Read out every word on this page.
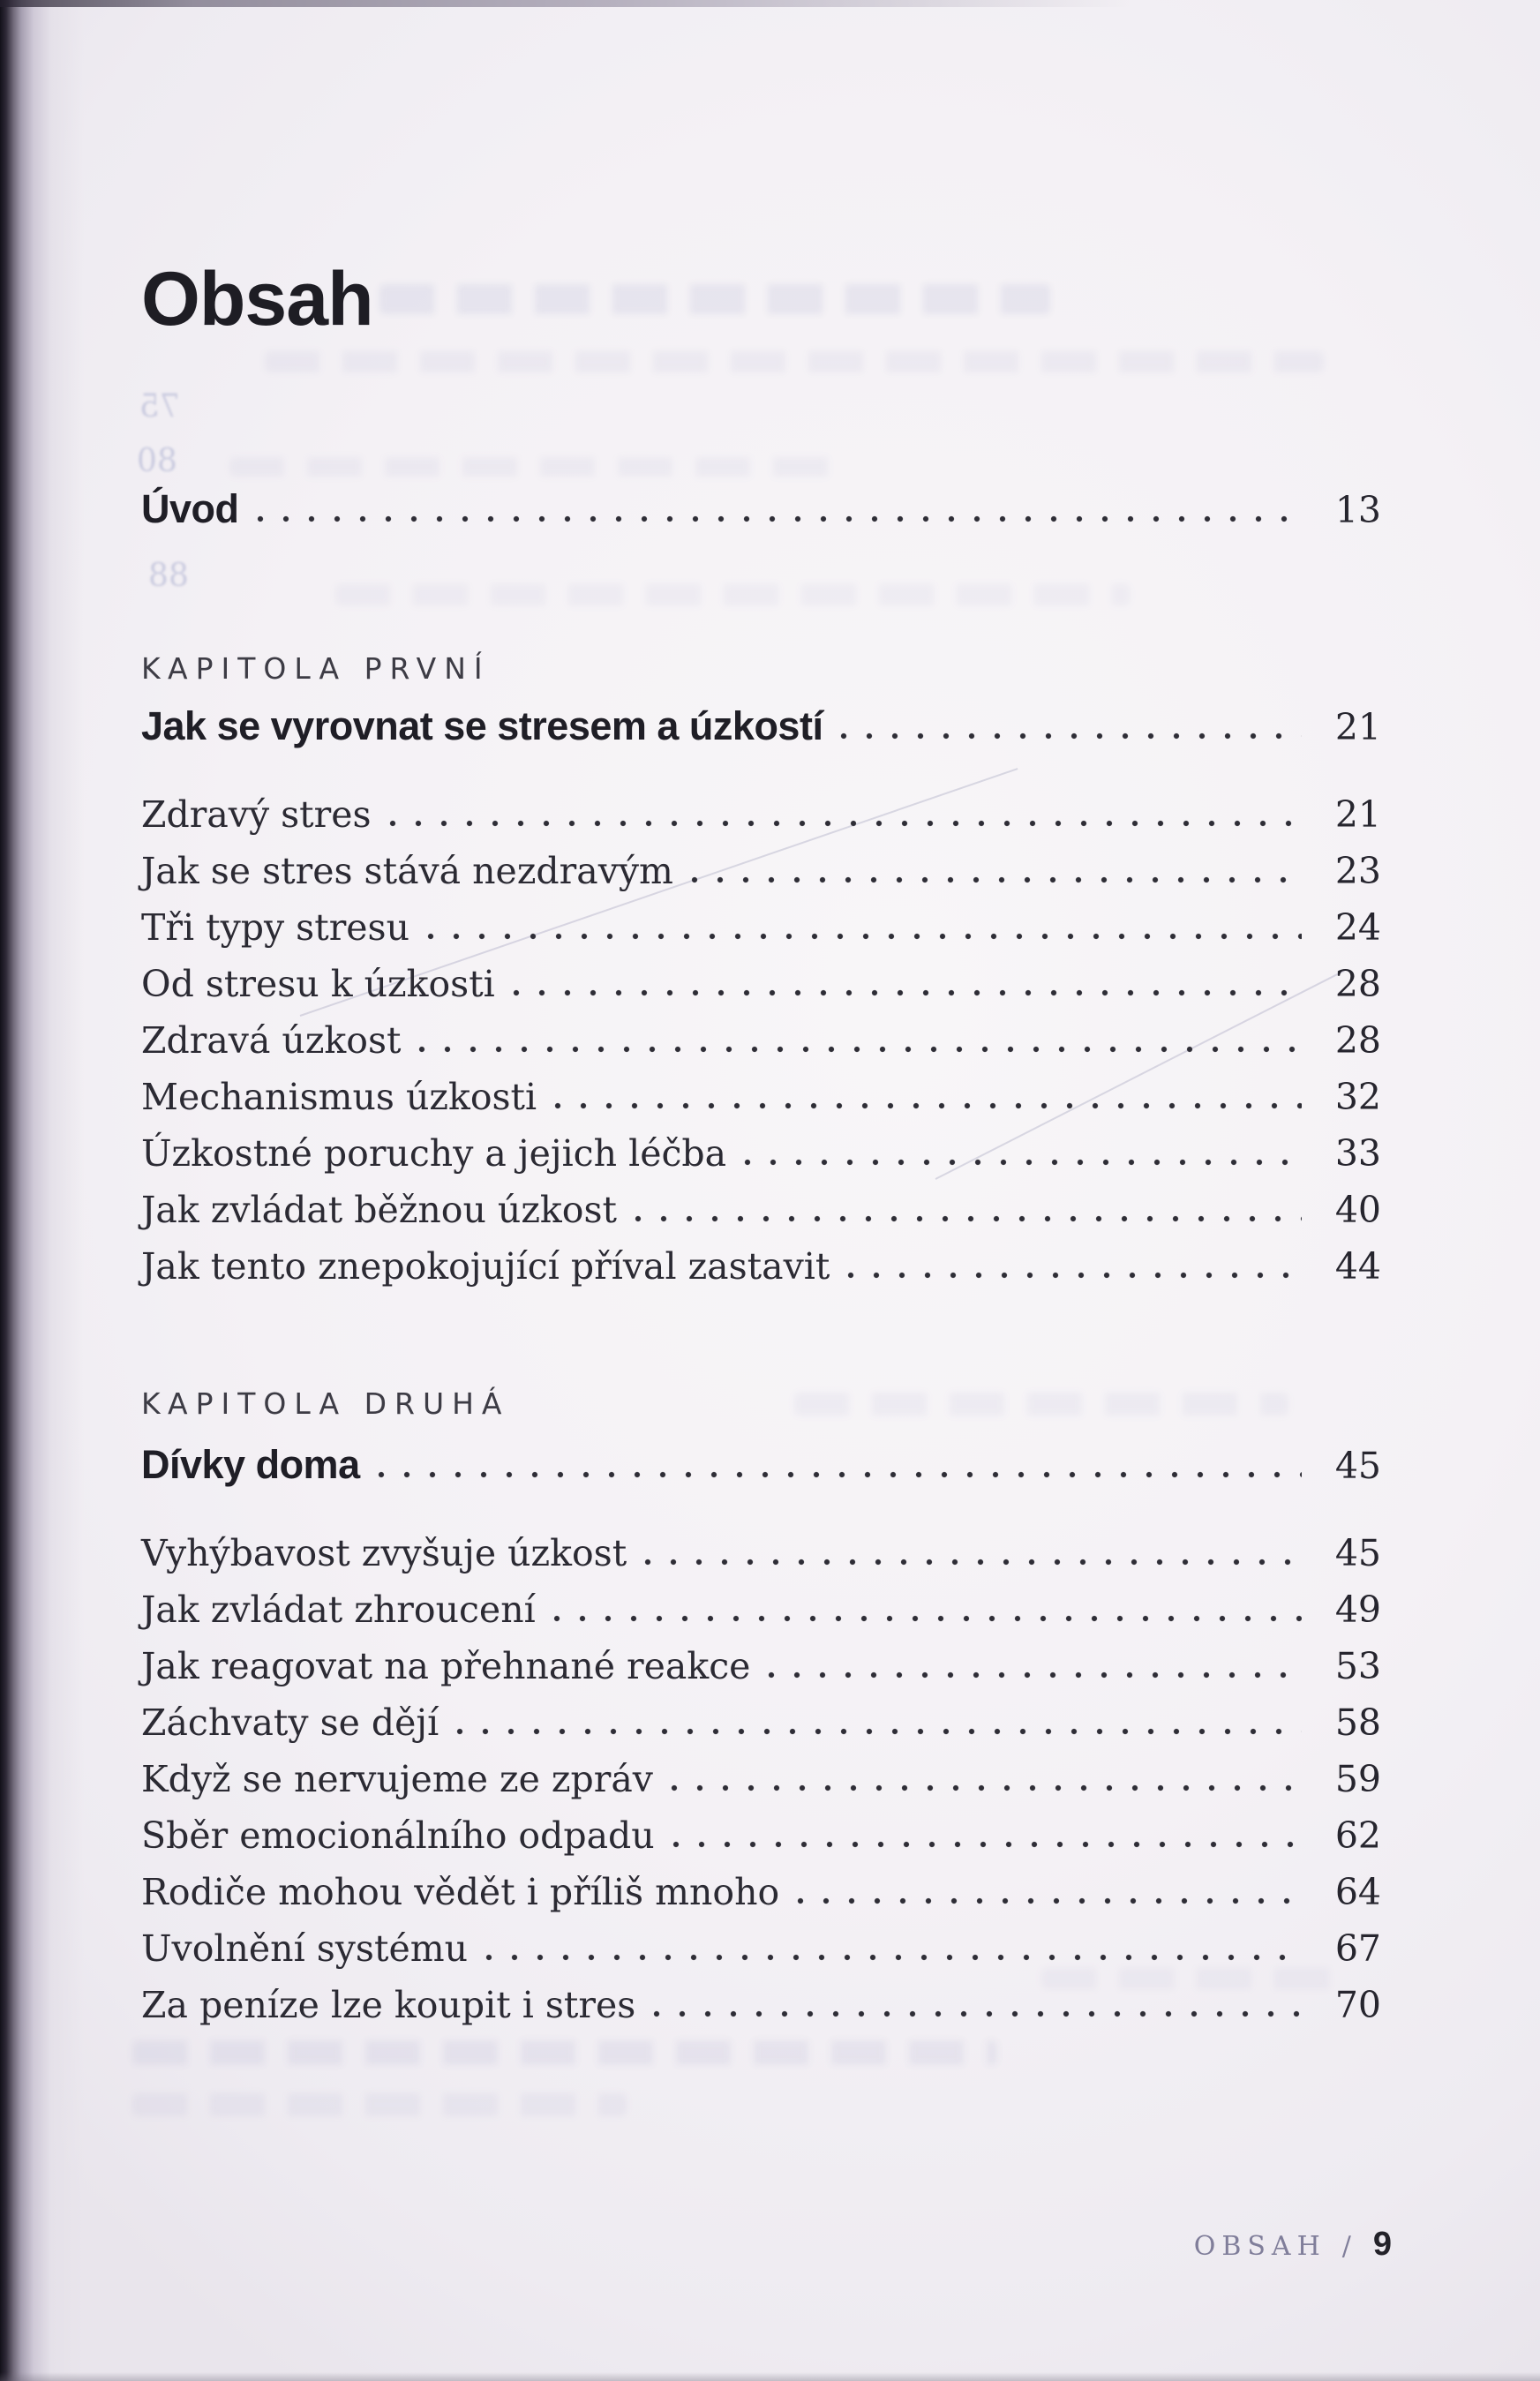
75
80
88
Obsah
Úvod	13
KAPITOLA PRVNÍ
Jak se vyrovnat se stresem a úzkostí	21
Zdravý stres	21
Jak se stres stává nezdravým	23
Tři typy stresu	24
Od stresu k úzkosti	28
Zdravá úzkost	28
Mechanismus úzkosti	32
Úzkostné poruchy a jejich léčba	33
Jak zvládat běžnou úzkost	40
Jak tento znepokojující příval zastavit	44
KAPITOLA DRUHÁ
Dívky doma	45
Vyhýbavost zvyšuje úzkost	45
Jak zvládat zhroucení	49
Jak reagovat na přehnané reakce	53
Záchvaty se dějí	58
Když se nervujeme ze zpráv	59
Sběr emocionálního odpadu	62
Rodiče mohou vědět i příliš mnoho	64
Uvolnění systému	67
Za peníze lze koupit i stres	70
OBSAH / 9
